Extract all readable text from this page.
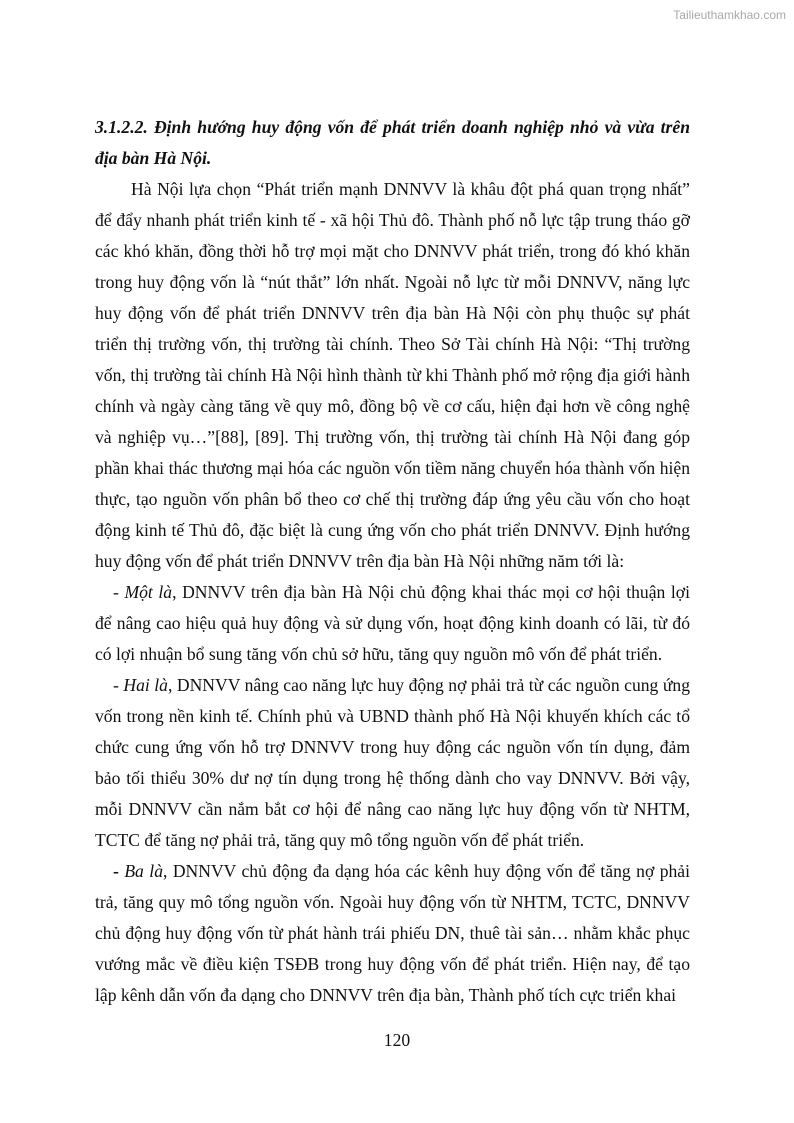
Tailieuthamkhao.com

3.1.2.2. Định hướng huy động vốn để phát triển doanh nghiệp nhỏ và vừa trên địa bàn Hà Nội.

Hà Nội lựa chọn “Phát triển mạnh DNNVV là khâu đột phá quan trọng nhất” để đẩy nhanh phát triển kinh tế - xã hội Thủ đô. Thành phố nỗ lực tập trung tháo gỡ các khó khăn, đồng thời hỗ trợ mọi mặt cho DNNVV phát triển, trong đó khó khăn trong huy động vốn là “nút thắt” lớn nhất. Ngoài nỗ lực từ mỗi DNNVV, năng lực huy động vốn để phát triển DNNVV trên địa bàn Hà Nội còn phụ thuộc sự phát triển thị trường vốn, thị trường tài chính. Theo Sở Tài chính Hà Nội: “Thị trường vốn, thị trường tài chính Hà Nội hình thành từ khi Thành phố mở rộng địa giới hành chính và ngày càng tăng về quy mô, đồng bộ về cơ cấu, hiện đại hơn về công nghệ và nghiệp vụ…”[88], [89]. Thị trường vốn, thị trường tài chính Hà Nội đang góp phần khai thác thương mại hóa các nguồn vốn tiềm năng chuyển hóa thành vốn hiện thực, tạo nguồn vốn phân bổ theo cơ chế thị trường đáp ứng yêu cầu vốn cho hoạt động kinh tế Thủ đô, đặc biệt là cung ứng vốn cho phát triển DNNVV. Định hướng huy động vốn để phát triển DNNVV trên địa bàn Hà Nội những năm tới là:

- Một là, DNNVV trên địa bàn Hà Nội chủ động khai thác mọi cơ hội thuận lợi để nâng cao hiệu quả huy động và sử dụng vốn, hoạt động kinh doanh có lãi, từ đó có lợi nhuận bổ sung tăng vốn chủ sở hữu, tăng quy nguồn mô vốn để phát triển.

- Hai là, DNNVV nâng cao năng lực huy động nợ phải trả từ các nguồn cung ứng vốn trong nền kinh tế. Chính phủ và UBND thành phố Hà Nội khuyến khích các tổ chức cung ứng vốn hỗ trợ DNNVV trong huy động các nguồn vốn tín dụng, đảm bảo tối thiểu 30% dư nợ tín dụng trong hệ thống dành cho vay DNNVV. Bởi vậy, mỗi DNNVV cần nắm bắt cơ hội để nâng cao năng lực huy động vốn từ NHTM, TCTC để tăng nợ phải trả, tăng quy mô tổng nguồn vốn để phát triển.

- Ba là, DNNVV chủ động đa dạng hóa các kênh huy động vốn để tăng nợ phải trả, tăng quy mô tổng nguồn vốn. Ngoài huy động vốn từ NHTM, TCTC, DNNVV chủ động huy động vốn từ phát hành trái phiếu DN, thuê tài sản… nhằm khắc phục vướng mắc về điều kiện TSĐB trong huy động vốn để phát triển. Hiện nay, để tạo lập kênh dẫn vốn đa dạng cho DNNVV trên địa bàn, Thành phố tích cực triển khai

120
